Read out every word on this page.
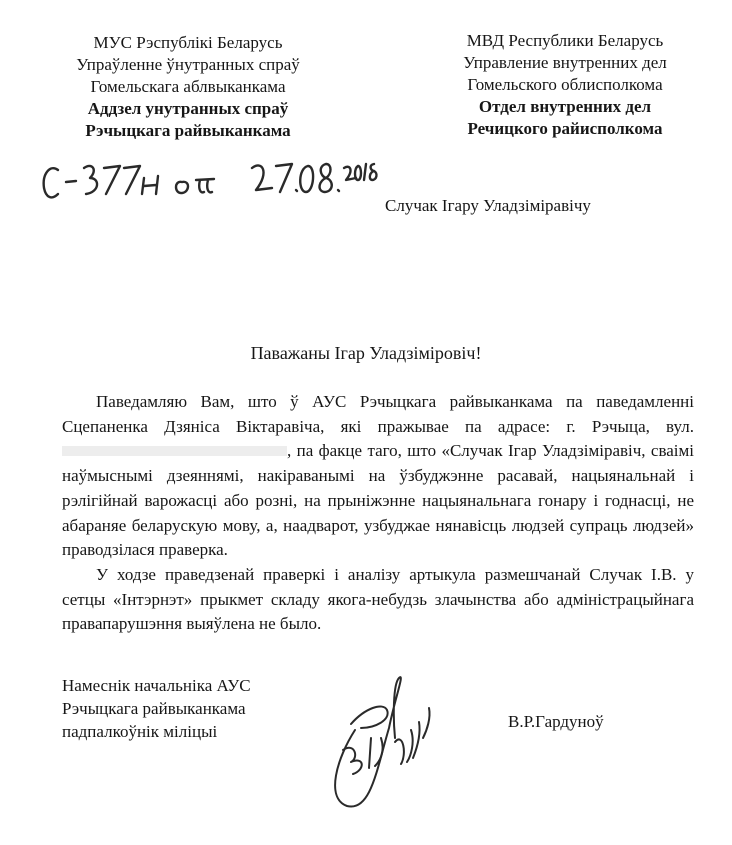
МУС Рэспублікі Беларусь
Упраўленне ўнутранных спраў
Гомельскага аблвыканкама
Аддзел унутранных спраў
Рэчыцкага райвыканкама
МВД Республики Беларусь
Управление внутренних дел
Гомельского облисполкома
Отдел внутренних дел
Речицкого райисполкома
Случак Ігару Уладзіміравічу
Паважаны Ігар Уладзіміровіч!

Паведамляю Вам, што ў АУС Рэчыцкага райвыканкама па паведамленні Сцепаненка Дзяніса Віктаравіча, які пражывае па адрасе: г. Рэчыца, вул., па факце таго, што «Случак Ігар Уладзіміравіч, сваімі наўмыснымі дзеяннямі, накіраванымі на ўзбуджэнне расавай, нацыянальнай і рэлігійнай варожасці або розні, на прыніжэнне нацыянальнага гонару і годнасці, не абараняе беларускую мову, а, наадварот, узбуджае нянавісць людзей супраць людзей» праводзілася праверка.

У ходзе праведзенай праверкі і аналізу артыкула размешчанай Случак І.В. у сетцы «Інтэрнэт» прыкмет складу якога-небудзь злачынства або адміністрацыйнага правапарушэння выяўлена не было.

Намеснік начальніка АУС
Рэчыцкага райвыканкама
падпалкоўнік міліцыі
В.Р.Гардуноў
